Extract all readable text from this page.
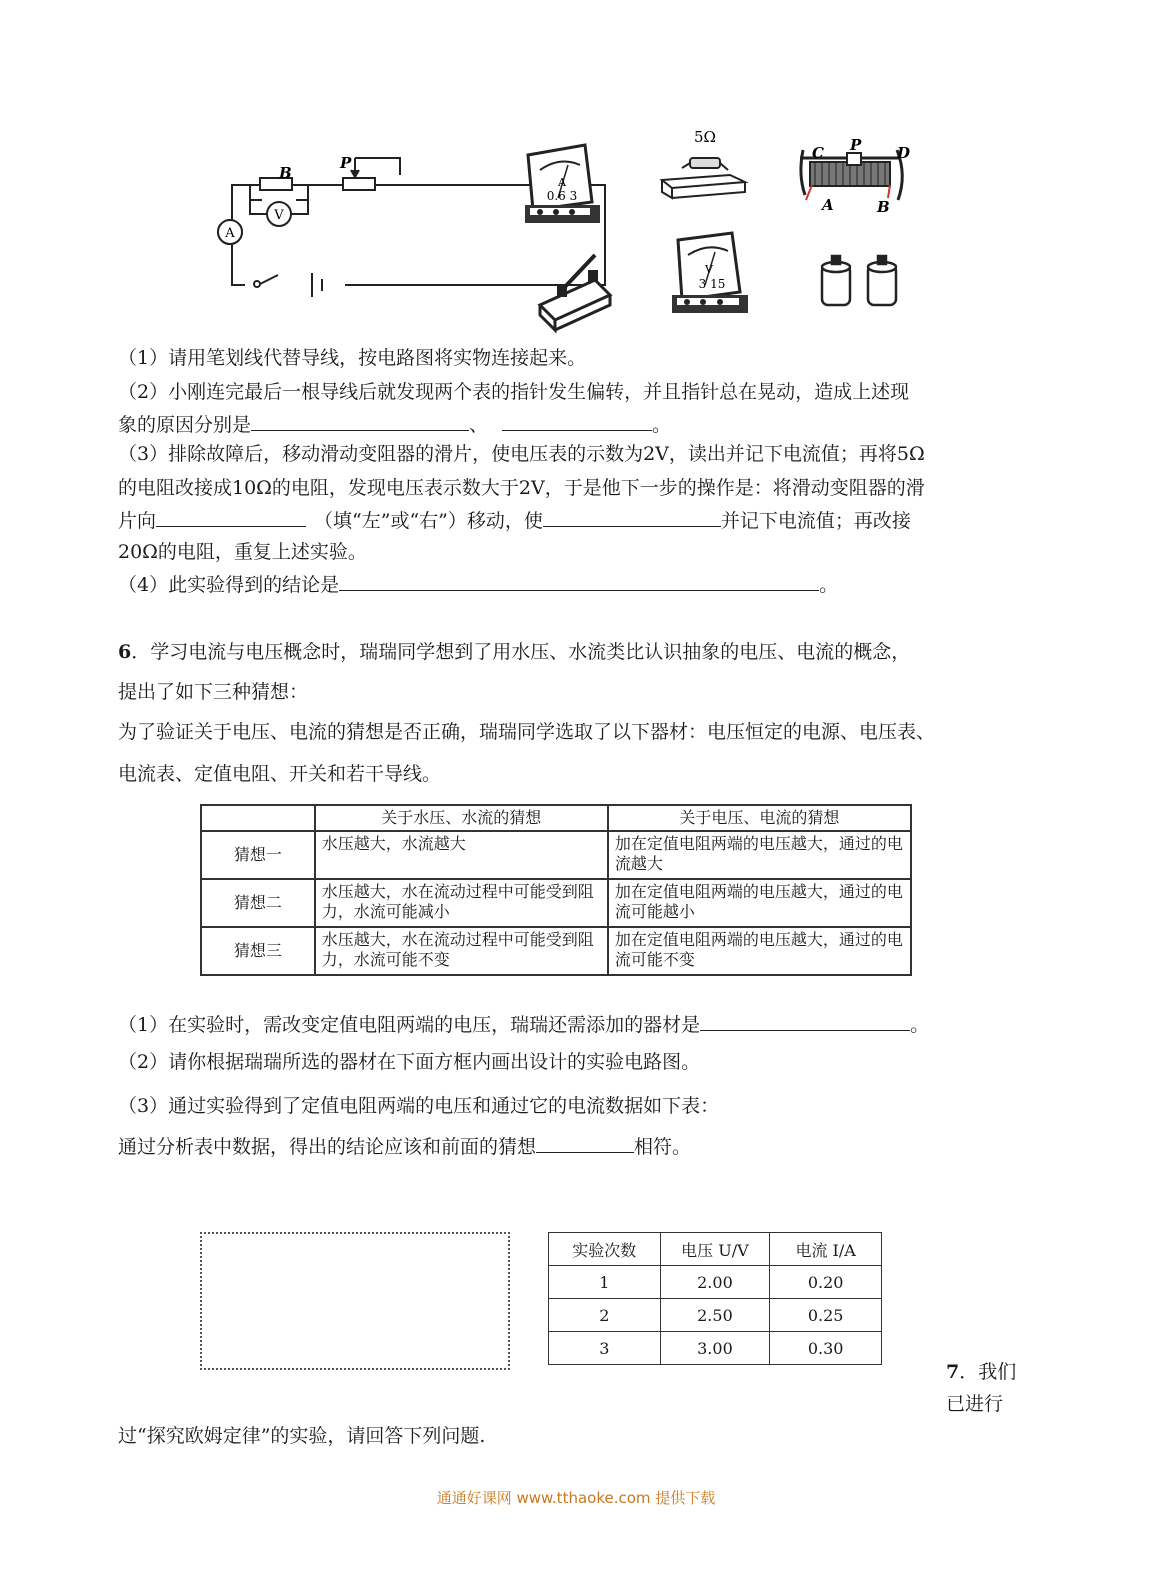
B
P
V
A
A
0.6 3
5Ω
C P D
A	B
V
3 15
（1）请用笔划线代替导线，按电路图将实物连接起来。
（2）小刚连完最后一根导线后就发现两个表的指针发生偏转，并且指针总在晃动，造成上述现
象的原因分别是	、	。
（3）排除故障后，移动滑动变阻器的滑片，使电压表的示数为2V，读出并记下电流值；再将5Ω
的电阻改接成10Ω的电阻，发现电压表示数大于2V，于是他下一步的操作是：将滑动变阻器的滑
片向	（填“左”或“右”）移动，使	并记下电流值；再改接
20Ω的电阻，重复上述实验。
（4）此实验得到的结论是	。
6．学习电流与电压概念时，瑞瑞同学想到了用水压、水流类比认识抽象的电压、电流的概念，
提出了如下三种猜想：
为了验证关于电压、电流的猜想是否正确，瑞瑞同学选取了以下器材：电压恒定的电源、电压表、
电流表、定值电阻、开关和若干导线。
	关于水压、水流的猜想	关于电压、电流的猜想
猜想一	水压越大，水流越大	加在定值电阻两端的电压越大，通过的电流越大
猜想二	水压越大，水在流动过程中可能受到阻力，水流可能减小	加在定值电阻两端的电压越大，通过的电流可能越小
猜想三	水压越大，水在流动过程中可能受到阻力，水流可能不变	加在定值电阻两端的电压越大，通过的电流可能不变
（1）在实验时，需改变定值电阻两端的电压，瑞瑞还需添加的器材是	。
（2）请你根据瑞瑞所选的器材在下面方框内画出设计的实验电路图。
（3）通过实验得到了定值电阻两端的电压和通过它的电流数据如下表：
通过分析表中数据，得出的结论应该和前面的猜想	相符。
实验次数	电压 U/V	电流 I/A
1	2.00	0.20
2	2.50	0.25
3	3.00	0.30
7．我们
已进行
过“探究欧姆定律”的实验，请回答下列问题.
通通好课网 www.tthaoke.com 提供下载
